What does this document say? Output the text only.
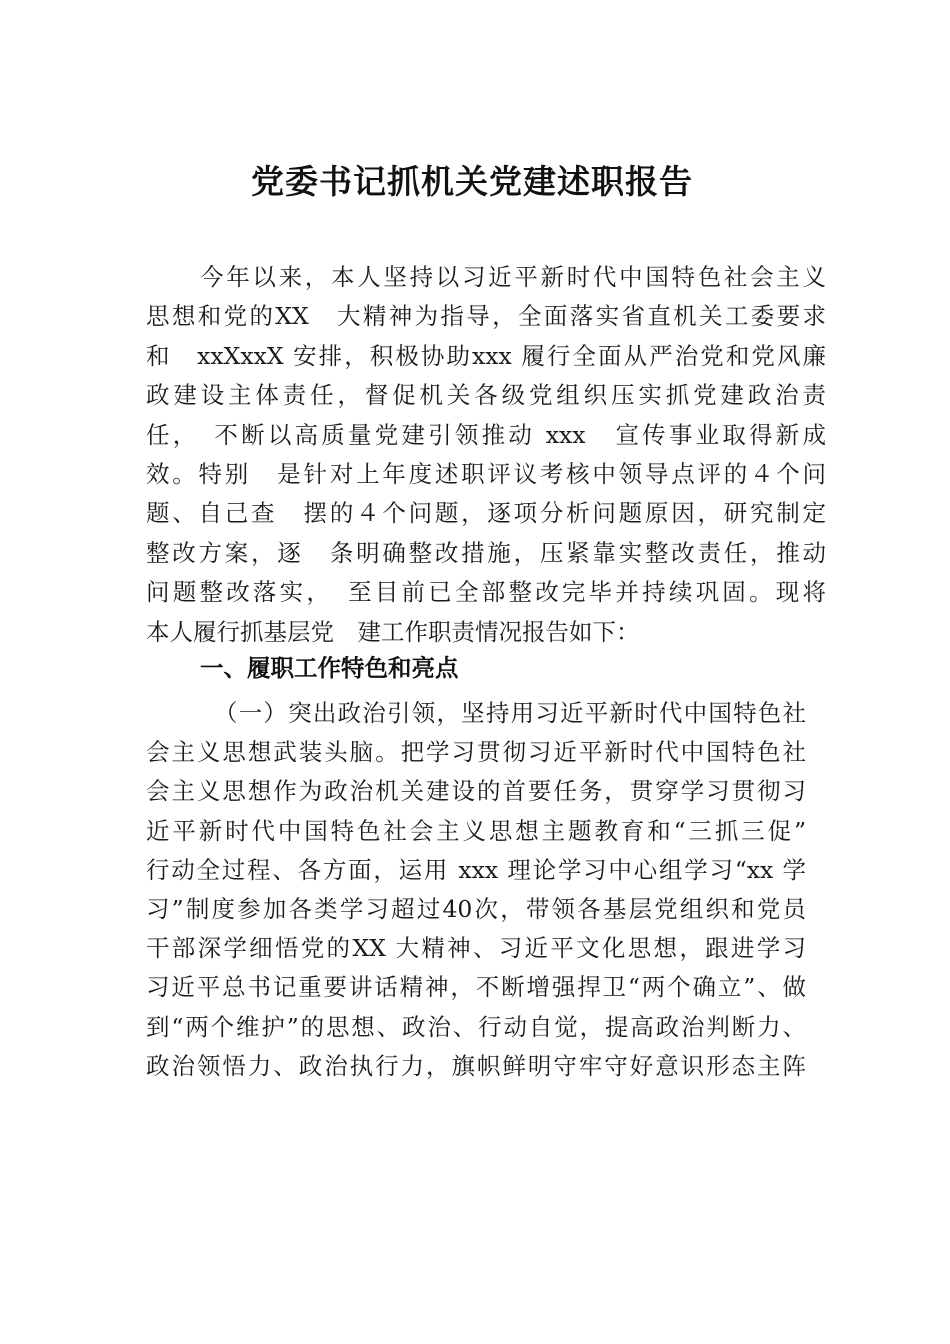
党委书记抓机关党建述职报告
今年以来，本人坚持以习近平新时代中国特色社会主义
思想和党的XX　大精神为指导，全面落实省直机关工委要求
和　xxXxxX 安排，积极协助xxx 履行全面从严治党和党风廉
政建设主体责任，督促机关各级党组织压实抓党建政治责
任，　不断以高质量党建引领推动 xxx　宣传事业取得新成
效。特别　是针对上年度述职评议考核中领导点评的４个问
题、自己查　摆的４个问题，逐项分析问题原因，研究制定
整改方案，逐　条明确整改措施，压紧靠实整改责任，推动
问题整改落实，　至目前已全部整改完毕并持续巩固。现将
本人履行抓基层党　建工作职责情况报告如下：
一、履职工作特色和亮点
（一）突出政治引领，坚持用习近平新时代中国特色社
会主义思想武装头脑。把学习贯彻习近平新时代中国特色社
会主义思想作为政治机关建设的首要任务，贯穿学习贯彻习
近平新时代中国特色社会主义思想主题教育和“三抓三促”
行动全过程、各方面，运用 xxx 理论学习中心组学习“xx 学
习”制度参加各类学习超过40次，带领各基层党组织和党员
干部深学细悟党的XX 大精神、习近平文化思想，跟进学习
习近平总书记重要讲话精神，不断增强捍卫“两个确立”、做
到“两个维护”的思想、政治、行动自觉，提高政治判断力、
政治领悟力、政治执行力，旗帜鲜明守牢守好意识形态主阵
